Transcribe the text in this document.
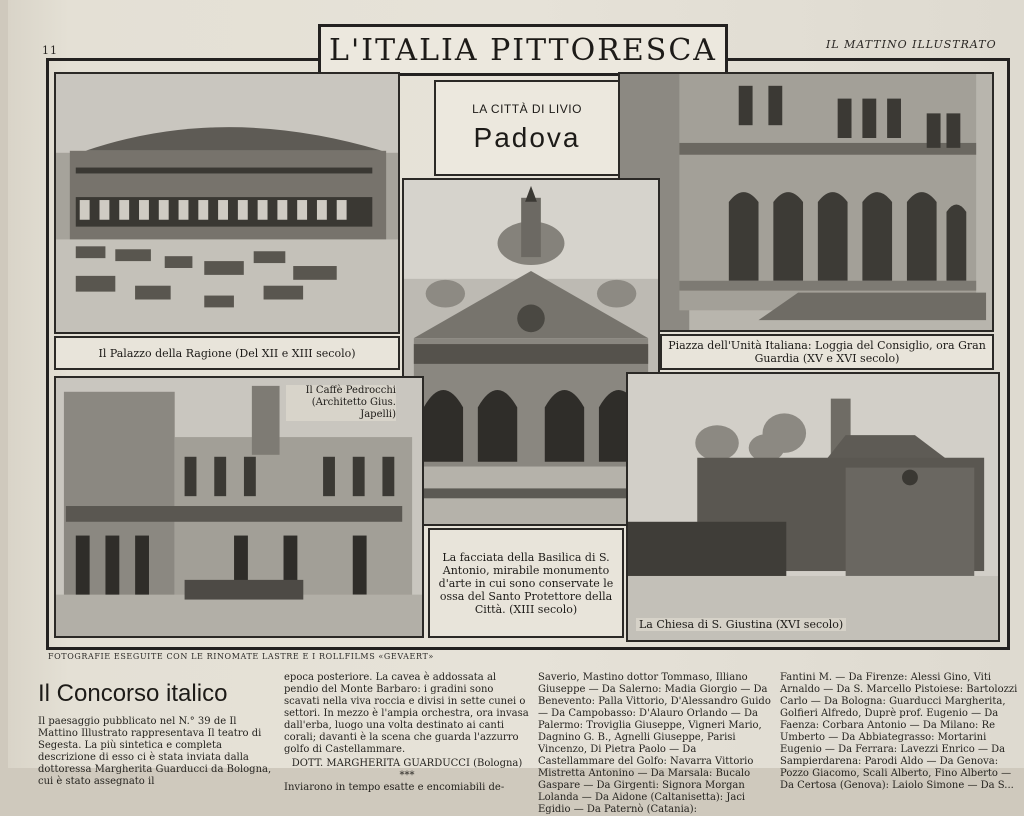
11	IL MATTINO ILLUSTRATO
L'ITALIA PITTORESCA
Il Palazzo della Ragione (Del XII e XIII secolo)
LA CITTÀ DI LIVIO
Padova
Piazza dell'Unità Italiana: Loggia del Consiglio, ora Gran Guardia (XV e XVI secolo)
La facciata della Basilica di S. Antonio, mirabile monumento d'arte in cui sono conservate le ossa del Santo Protettore della Città. (XIII secolo)
Il Caffè Pedrocchi
(Architetto Gius. Japelli)
La Chiesa di S. Giustina (XVI secolo)
FOTOGRAFIE ESEGUITE CON LE RINOMATE LASTRE E I ROLLFILMS «GEVAERT»
Il Concorso italico
Il paesaggio pubblicato nel N.° 39 de Il Mattino Illustrato rappresentava Il teatro di Segesta. La più sintetica e completa descrizione di esso ci è stata inviata dalla dottoressa Margherita Guarducci da Bologna, cui è stato assegnato il
epoca posteriore. La cavea è addossata al pendio del Monte Barbaro: i gradini sono scavati nella viva roccia e divisi in sette cunei o settori. In mezzo è l'ampia orchestra, ora invasa dall'erba, luogo una volta destinato ai canti corali; davanti è la scena che guarda l'azzurro golfo di Castellammare.
DOTT. MARGHERITA GUARDUCCI (Bologna)
***
Inviarono in tempo esatte e encomiabili de-
Saverio, Mastino dottor Tommaso, Illiano Giuseppe — Da Salerno: Madia Giorgio — Da Benevento: Palla Vittorio, D'Alessandro Guido — Da Campobasso: D'Alauro Orlando — Da Palermo: Troviglia Giuseppe, Vigneri Mario, Dagnino G. B., Agnelli Giuseppe, Parisi Vincenzo, Di Pietra Paolo — Da Castellammare del Golfo: Navarra Vittorio Mistretta Antonino — Da Marsala: Bucalo Gaspare — Da Girgenti: Signora Morgan Lolanda — Da Aidone (Caltanisetta): Jaci Egidio — Da Paternò (Catania):
Fantini M. — Da Firenze: Alessi Gino, Viti Arnaldo — Da S. Marcello Pistoiese: Bartolozzi Carlo — Da Bologna: Guarducci Margherita, Golfieri Alfredo, Duprè prof. Eugenio — Da Faenza: Corbara Antonio — Da Milano: Re Umberto — Da Abbiategrasso: Mortarini Eugenio — Da Ferrara: Lavezzi Enrico — Da Sampierdarena: Parodi Aldo — Da Genova: Pozzo Giacomo, Scali Alberto, Fino Alberto — Da Certosa (Genova): Laiolo Simone — Da S...
